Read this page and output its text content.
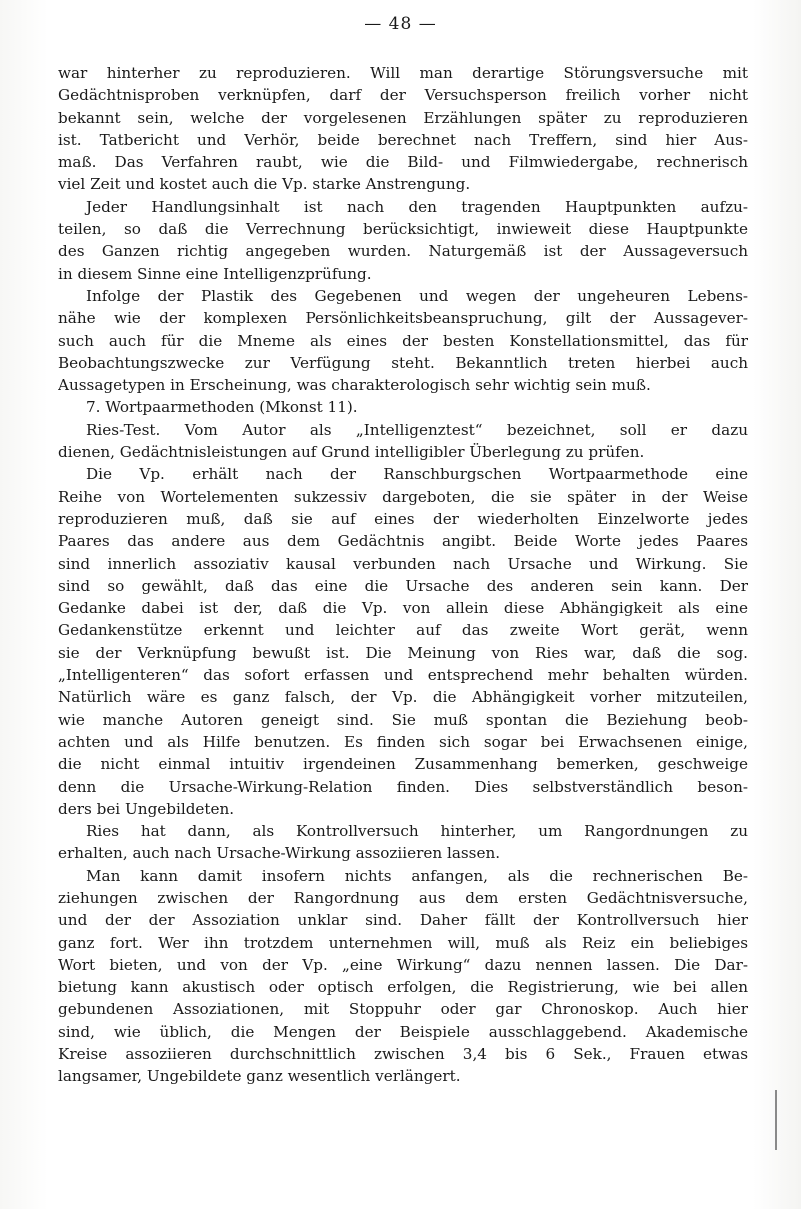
— 48 —
war hinterher zu reproduzieren. Will man derartige Störungsversuche mit
Gedächtnisproben verknüpfen, darf der Versuchsperson freilich vorher nicht
bekannt sein, welche der vorgelesenen Erzählungen später zu reproduzieren
ist. Tatbericht und Verhör, beide berechnet nach Treffern, sind hier Aus-
maß. Das Verfahren raubt, wie die Bild- und Filmwiedergabe, rechnerisch
viel Zeit und kostet auch die Vp. starke Anstrengung.
Jeder Handlungsinhalt ist nach den tragenden Hauptpunkten aufzu-
teilen, so daß die Verrechnung berücksichtigt, inwieweit diese Hauptpunkte
des Ganzen richtig angegeben wurden. Naturgemäß ist der Aussageversuch
in diesem Sinne eine Intelligenzprüfung.
Infolge der Plastik des Gegebenen und wegen der ungeheuren Lebens-
nähe wie der komplexen Persönlichkeitsbeanspruchung, gilt der Aussagever-
such auch für die Mneme als eines der besten Konstellationsmittel, das für
Beobachtungszwecke zur Verfügung steht. Bekanntlich treten hierbei auch
Aussagetypen in Erscheinung, was charakterologisch sehr wichtig sein muß.
7. Wortpaarmethoden (Mkonst 11).
Ries-Test. Vom Autor als „Intelligenztest“ bezeichnet, soll er dazu
dienen, Gedächtnisleistungen auf Grund intelligibler Überlegung zu prüfen.
Die Vp. erhält nach der Ranschburgschen Wortpaarmethode eine
Reihe von Wortelementen sukzessiv dargeboten, die sie später in der Weise
reproduzieren muß, daß sie auf eines der wiederholten Einzelworte jedes
Paares das andere aus dem Gedächtnis angibt. Beide Worte jedes Paares
sind innerlich assoziativ kausal verbunden nach Ursache und Wirkung. Sie
sind so gewählt, daß das eine die Ursache des anderen sein kann. Der
Gedanke dabei ist der, daß die Vp. von allein diese Abhängigkeit als eine
Gedankenstütze erkennt und leichter auf das zweite Wort gerät, wenn
sie der Verknüpfung bewußt ist. Die Meinung von Ries war, daß die sog.
„Intelligenteren“ das sofort erfassen und entsprechend mehr behalten würden.
Natürlich wäre es ganz falsch, der Vp. die Abhängigkeit vorher mitzuteilen,
wie manche Autoren geneigt sind. Sie muß spontan die Beziehung beob-
achten und als Hilfe benutzen. Es finden sich sogar bei Erwachsenen einige,
die nicht einmal intuitiv irgendeinen Zusammenhang bemerken, geschweige
denn die Ursache-Wirkung-Relation finden. Dies selbstverständlich beson-
ders bei Ungebildeten.
Ries hat dann, als Kontrollversuch hinterher, um Rangordnungen zu
erhalten, auch nach Ursache-Wirkung assoziieren lassen.
Man kann damit insofern nichts anfangen, als die rechnerischen Be-
ziehungen zwischen der Rangordnung aus dem ersten Gedächtnisversuche,
und der der Assoziation unklar sind. Daher fällt der Kontrollversuch hier
ganz fort. Wer ihn trotzdem unternehmen will, muß als Reiz ein beliebiges
Wort bieten, und von der Vp. „eine Wirkung“ dazu nennen lassen. Die Dar-
bietung kann akustisch oder optisch erfolgen, die Registrierung, wie bei allen
gebundenen Assoziationen, mit Stoppuhr oder gar Chronoskop. Auch hier
sind, wie üblich, die Mengen der Beispiele ausschlaggebend. Akademische
Kreise assoziieren durchschnittlich zwischen 3,4 bis 6 Sek., Frauen etwas
langsamer, Ungebildete ganz wesentlich verlängert.
